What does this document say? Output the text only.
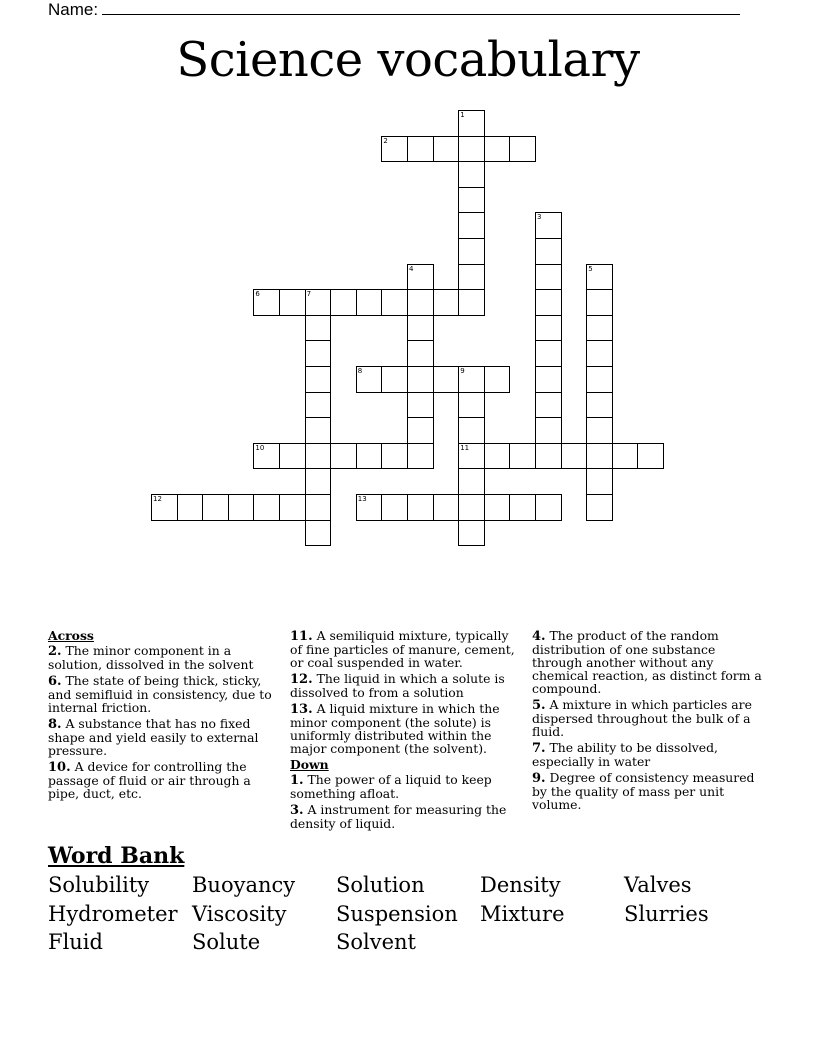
Name:
Science vocabulary
1
2
3
4	5
6	7
8	9
11
10
12	13
Across
2. The minor component in a solution, dissolved in the solvent
6. The state of being thick, sticky, and semifluid in consistency, due to internal friction.
8. A substance that has no fixed shape and yield easily to external pressure.
10. A device for controlling the passage of fluid or air through a pipe, duct, etc.
11. A semiliquid mixture, typically of fine particles of manure, cement, or coal suspended in water.
12. The liquid in which a solute is dissolved to from a solution
13. A liquid mixture in which the minor component (the solute) is uniformly distributed within the major component (the solvent).
Down
1. The power of a liquid to keep something afloat.
3. A instrument for measuring the density of liquid.
4. The product of the random distribution of one substance through another without any chemical reaction, as distinct form a compound.
5. A mixture in which particles are dispersed throughout the bulk of a fluid.
7. The ability to be dissolved, especially in water
9. Degree of consistency measured by the quality of mass per unit volume.
Word Bank
Solubility Buoyancy Solution	Density	Valves
Hydrometer Viscosity Suspension Mixture	Slurries
Fluid	Solute	Solvent
